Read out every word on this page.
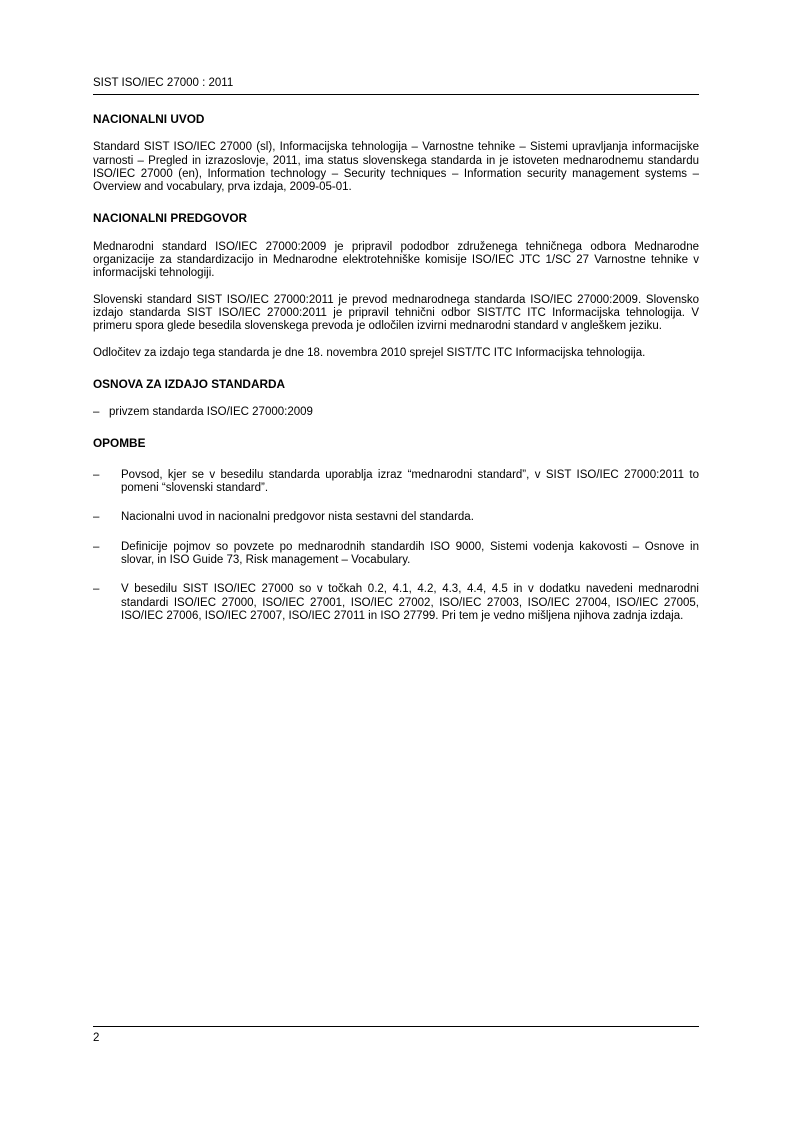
SIST ISO/IEC 27000 : 2011
NACIONALNI UVOD

Standard SIST ISO/IEC 27000 (sl), Informacijska tehnologija – Varnostne tehnike – Sistemi upravljanja informacijske varnosti – Pregled in izrazoslovje, 2011, ima status slovenskega standarda in je istoveten mednarodnemu standardu ISO/IEC 27000 (en), Information technology – Security techniques – Information security management systems – Overview and vocabulary, prva izdaja, 2009-05-01.

NACIONALNI PREDGOVOR

Mednarodni standard ISO/IEC 27000:2009 je pripravil pododbor združenega tehničnega odbora Mednarodne organizacije za standardizacijo in Mednarodne elektrotehniške komisije ISO/IEC JTC 1/SC 27 Varnostne tehnike v informacijski tehnologiji.

Slovenski standard SIST ISO/IEC 27000:2011 je prevod mednarodnega standarda ISO/IEC 27000:2009. Slovensko izdajo standarda SIST ISO/IEC 27000:2011 je pripravil tehnični odbor SIST/TC ITC Informacijska tehnologija. V primeru spora glede besedila slovenskega prevoda je odločilen izvirni mednarodni standard v angleškem jeziku.

Odločitev za izdajo tega standarda je dne 18. novembra 2010 sprejel SIST/TC ITC Informacijska tehnologija.

OSNOVA ZA IZDAJO STANDARDA
– privzem standarda ISO/IEC 27000:2009
OPOMBE
–	Povsod, kjer se v besedilu standarda uporablja izraz “mednarodni standard”, v SIST ISO/IEC 27000:2011 to pomeni “slovenski standard”.
–	Nacionalni uvod in nacionalni predgovor nista sestavni del standarda.
–	Definicije pojmov so povzete po mednarodnih standardih ISO 9000, Sistemi vodenja kakovosti – Osnove in slovar, in ISO Guide 73, Risk management – Vocabulary.
–	V besedilu SIST ISO/IEC 27000 so v točkah 0.2, 4.1, 4.2, 4.3, 4.4, 4.5 in v dodatku navedeni mednarodni standardi ISO/IEC 27000, ISO/IEC 27001, ISO/IEC 27002, ISO/IEC 27003, ISO/IEC 27004, ISO/IEC 27005, ISO/IEC 27006, ISO/IEC 27007, ISO/IEC 27011 in ISO 27799. Pri tem je vedno mišljena njihova zadnja izdaja.
2
